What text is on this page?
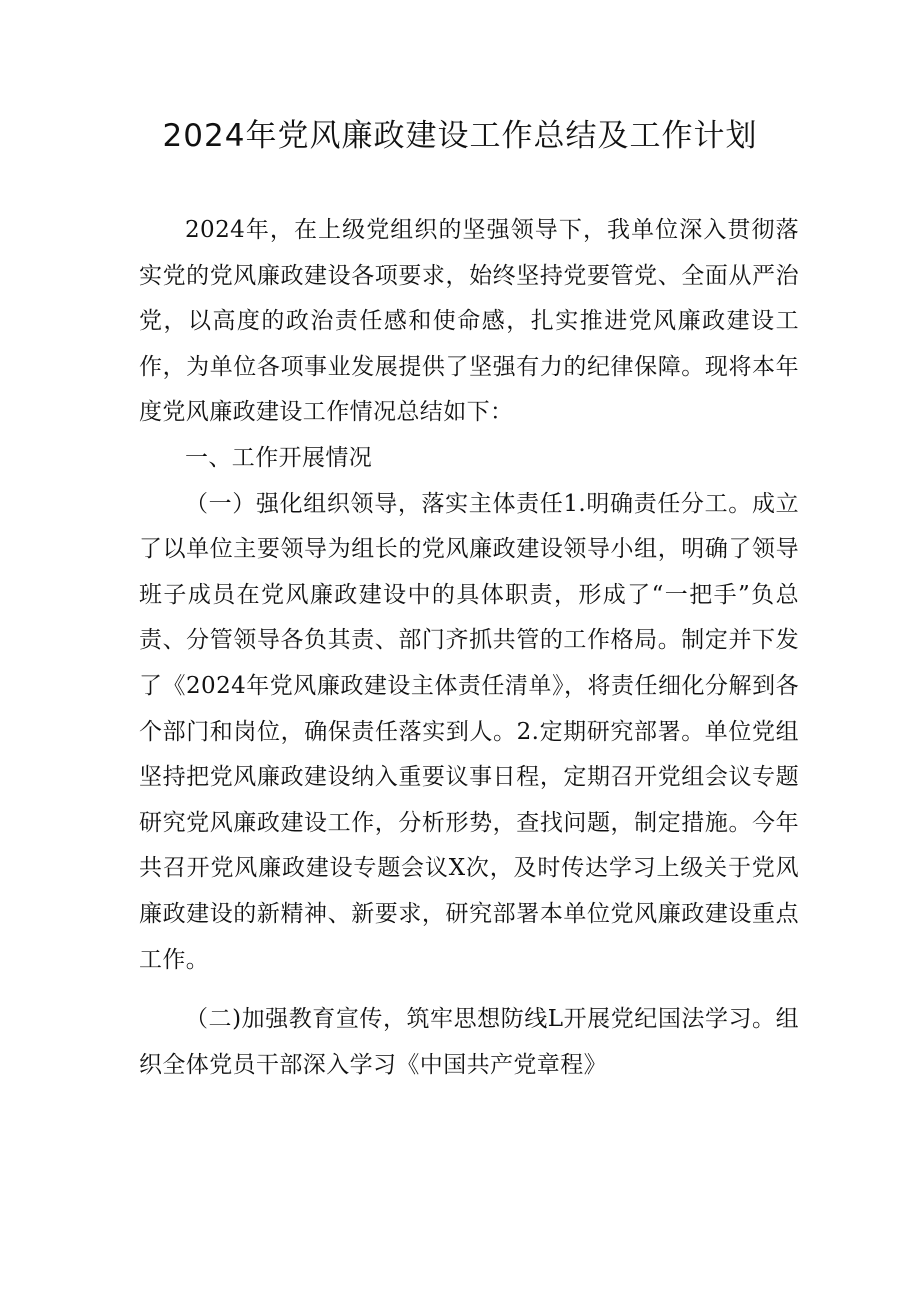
2024年党风廉政建设工作总结及工作计划

2024年，在上级党组织的坚强领导下，我单位深入贯彻落实党的党风廉政建设各项要求，始终坚持党要管党、全面从严治党，以高度的政治责任感和使命感，扎实推进党风廉政建设工作，为单位各项事业发展提供了坚强有力的纪律保障。现将本年度党风廉政建设工作情况总结如下：

一、工作开展情况

（一）强化组织领导，落实主体责任1.明确责任分工。成立了以单位主要领导为组长的党风廉政建设领导小组，明确了领导班子成员在党风廉政建设中的具体职责，形成了“一把手”负总责、分管领导各负其责、部门齐抓共管的工作格局。制定并下发了《2024年党风廉政建设主体责任清单》，将责任细化分解到各个部门和岗位，确保责任落实到人。2.定期研究部署。单位党组坚持把党风廉政建设纳入重要议事日程，定期召开党组会议专题研究党风廉政建设工作，分析形势，查找问题，制定措施。今年共召开党风廉政建设专题会议X次，及时传达学习上级关于党风廉政建设的新精神、新要求，研究部署本单位党风廉政建设重点工作。

（二)加强教育宣传，筑牢思想防线L开展党纪国法学习。组织全体党员干部深入学习《中国共产党章程》
